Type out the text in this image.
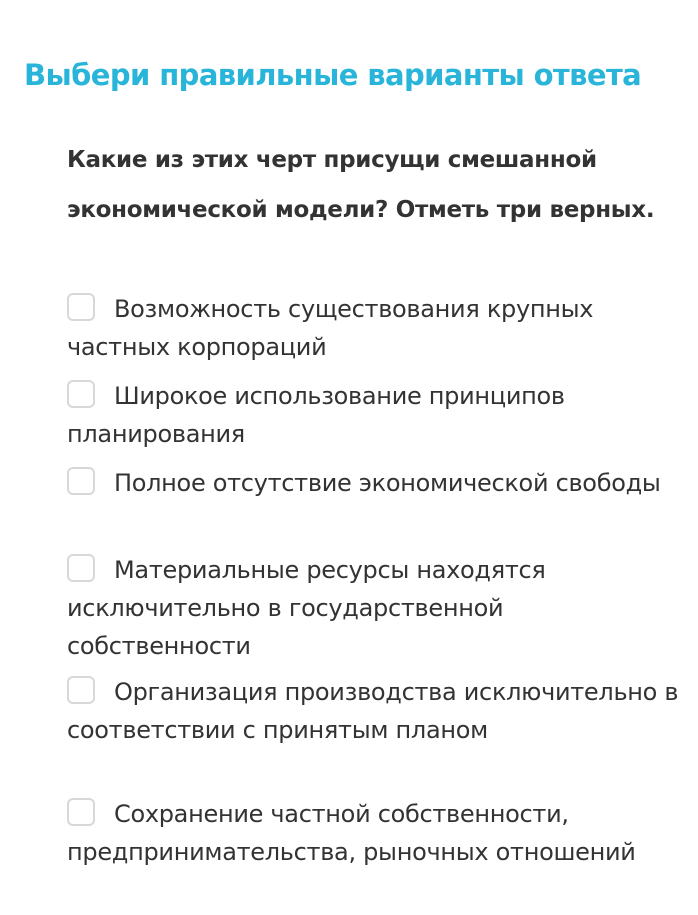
Выбери правильные варианты ответа

Какие из этих черт присущи смешанной экономической модели? Отметь три верных.

Возможность существования крупных частных корпораций

Широкое использование принципов планирования

Полное отсутствие экономической свободы

Материальные ресурсы находятся исключительно в государственной собственности

Организация производства исключительно в соответствии с принятым планом

Сохранение частной собственности, предпринимательства, рыночных отношений
